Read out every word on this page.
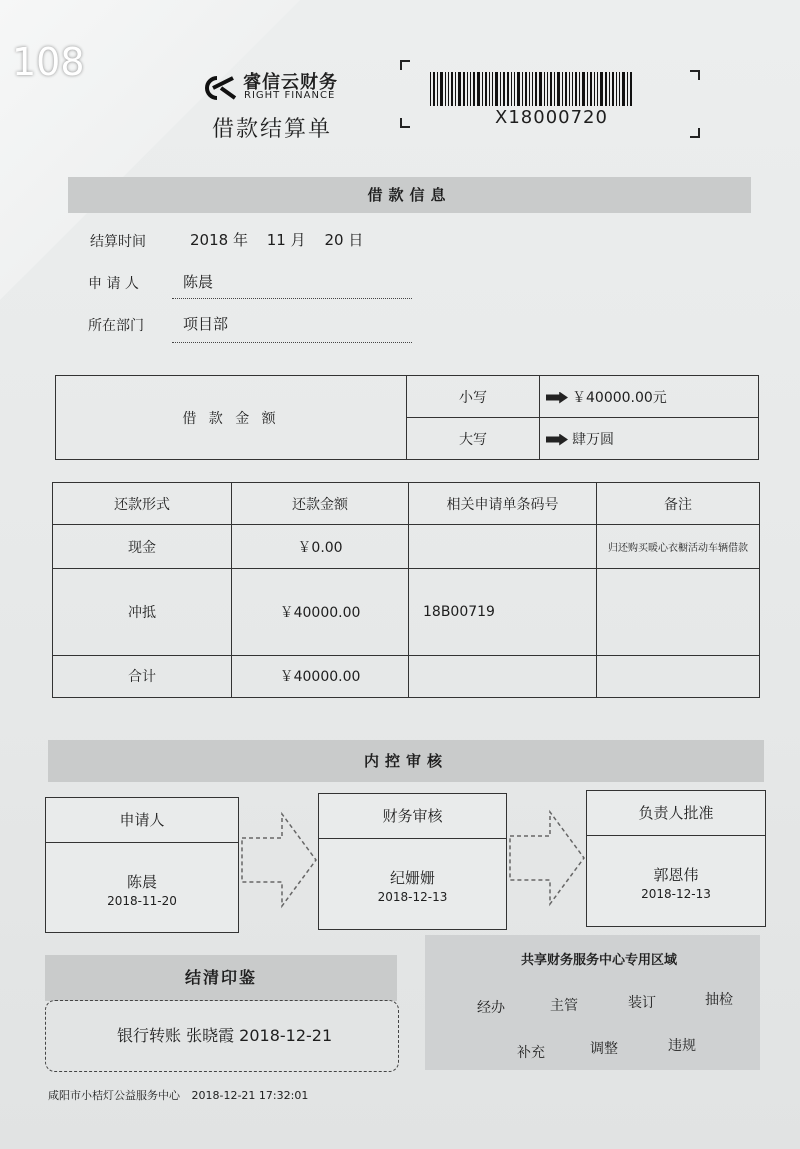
108	睿信云财务
RIGHT FINANCE
借款结算单	X18000720
借款信息
结算时间	2018 年 11 月 20 日
申 请 人	陈晨
所在部门	项目部
借 款 金 额	小写	￥40000.00元
	大写	肆万圆
还款形式	还款金额	相关申请单条码号	备注
现金	￥0.00		归还购买暖心衣橱活动车辆借款
冲抵	￥40000.00	18B00719	
合计	￥40000.00		
内控审核
申请人
陈晨
2018-11-20
财务审核
纪姗姗
2018-12-13
负责人批准
郭恩伟
2018-12-13
结清印鉴
银行转账 张晓霞 2018-12-21
共享财务服务中心专用区域
经办	主管	装订	抽检
补充	调整	违规
咸阳市小桔灯公益服务中心 2018-12-21 17:32:01
